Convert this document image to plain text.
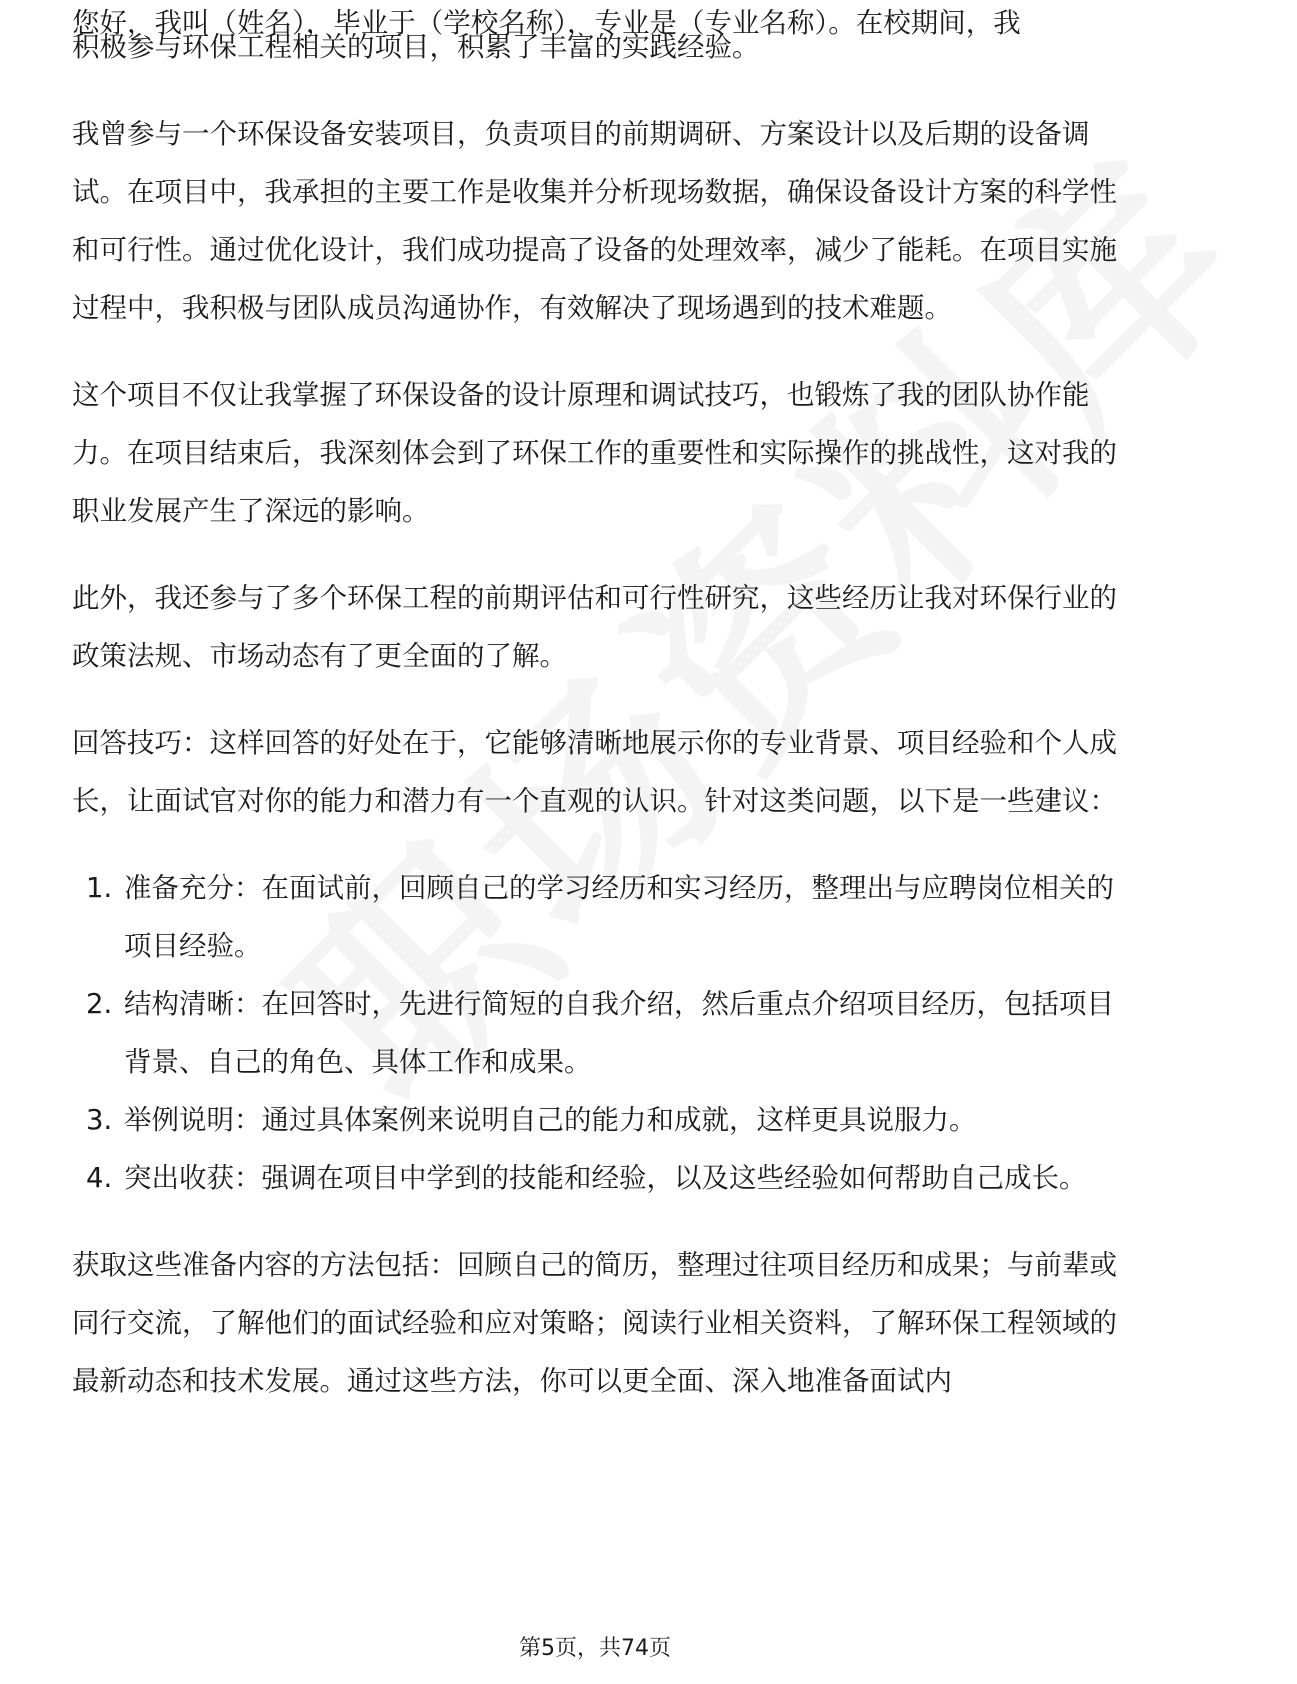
您好，我叫（姓名），毕业于（学校名称），专业是（专业名称）。在校期间，我

积极参与环保工程相关的项目，积累了丰富的实践经验。

我曾参与一个环保设备安装项目，负责项目的前期调研、方案设计以及后期的设备调试。在项目中，我承担的主要工作是收集并分析现场数据，确保设备设计方案的科学性和可行性。通过优化设计，我们成功提高了设备的处理效率，减少了能耗。在项目实施过程中，我积极与团队成员沟通协作，有效解决了现场遇到的技术难题。

这个项目不仅让我掌握了环保设备的设计原理和调试技巧，也锻炼了我的团队协作能力。在项目结束后，我深刻体会到了环保工作的重要性和实际操作的挑战性，这对我的职业发展产生了深远的影响。

此外，我还参与了多个环保工程的前期评估和可行性研究，这些经历让我对环保行业的政策法规、市场动态有了更全面的了解。

回答技巧：这样回答的好处在于，它能够清晰地展示你的专业背景、项目经验和个人成长，让面试官对你的能力和潜力有一个直观的认识。针对这类问题，以下是一些建议：

1. 准备充分：在面试前，回顾自己的学习经历和实习经历，整理出与应聘岗位相关的项目经验。
2. 结构清晰：在回答时，先进行简短的自我介绍，然后重点介绍项目经历，包括项目背景、自己的角色、具体工作和成果。
3. 举例说明：通过具体案例来说明自己的能力和成就，这样更具说服力。
4. 突出收获：强调在项目中学到的技能和经验，以及这些经验如何帮助自己成长。

获取这些准备内容的方法包括：回顾自己的简历，整理过往项目经历和成果；与前辈或同行交流，了解他们的面试经验和应对策略；阅读行业相关资料，了解环保工程领域的最新动态和技术发展。通过这些方法，你可以更全面、深入地准备面试内

第5页，共74页
